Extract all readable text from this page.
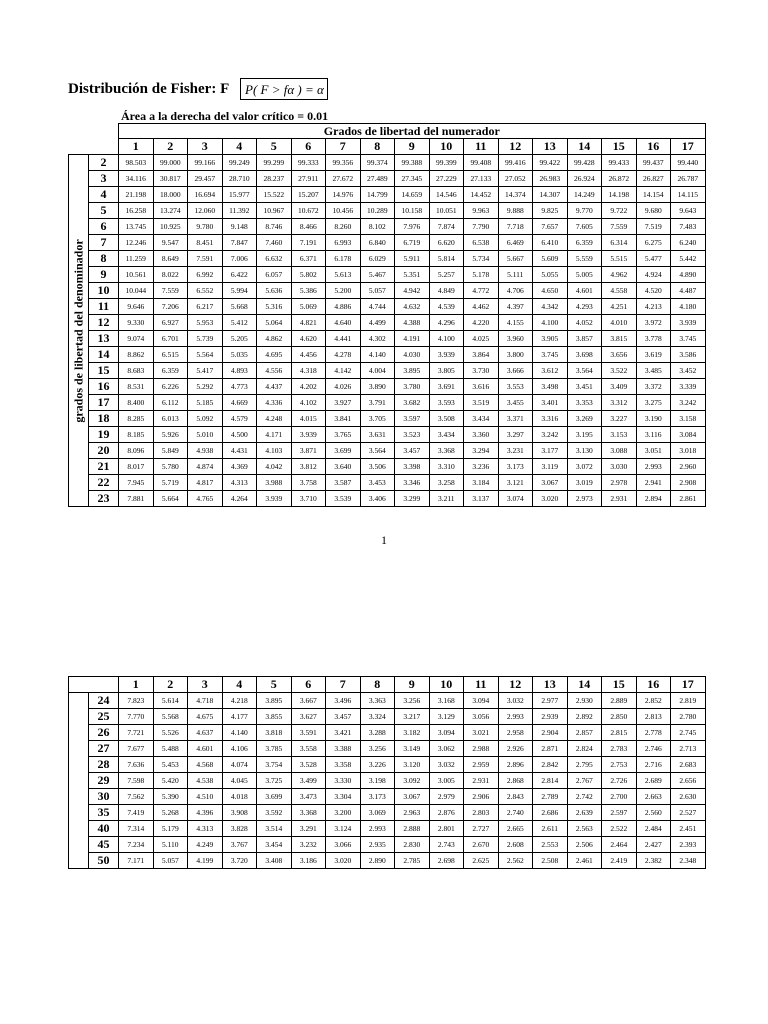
Distribución de Fisher: F	P( F > fα ) = α
Área a la derecha del valor crítico = 0.01
		Grados de libertad del numerador																
		1	2	3	4	5	6	7	8	9	10	11	12	13	14	15	16	17

grados de libertad del denominador	2	98.503	99.000	99.166	99.249	99.299	99.333	99.356	99.374	99.388	99.399	99.408	99.416	99.422	99.428	99.433	99.437	99.440
	3	34.116	30.817	29.457	28.710	28.237	27.911	27.672	27.489	27.345	27.229	27.133	27.052	26.983	26.924	26.872	26.827	26.787
	4	21.198	18.000	16.694	15.977	15.522	15.207	14.976	14.799	14.659	14.546	14.452	14.374	14.307	14.249	14.198	14.154	14.115
	5	16.258	13.274	12.060	11.392	10.967	10.672	10.456	10.289	10.158	10.051	9.963	9.888	9.825	9.770	9.722	9.680	9.643
	6	13.745	10.925	9.780	9.148	8.746	8.466	8.260	8.102	7.976	7.874	7.790	7.718	7.657	7.605	7.559	7.519	7.483
	7	12.246	9.547	8.451	7.847	7.460	7.191	6.993	6.840	6.719	6.620	6.538	6.469	6.410	6.359	6.314	6.275	6.240
	8	11.259	8.649	7.591	7.006	6.632	6.371	6.178	6.029	5.911	5.814	5.734	5.667	5.609	5.559	5.515	5.477	5.442
	9	10.561	8.022	6.992	6.422	6.057	5.802	5.613	5.467	5.351	5.257	5.178	5.111	5.055	5.005	4.962	4.924	4.890
	10	10.044	7.559	6.552	5.994	5.636	5.386	5.200	5.057	4.942	4.849	4.772	4.706	4.650	4.601	4.558	4.520	4.487
	11	9.646	7.206	6.217	5.668	5.316	5.069	4.886	4.744	4.632	4.539	4.462	4.397	4.342	4.293	4.251	4.213	4.180
	12	9.330	6.927	5.953	5.412	5.064	4.821	4.640	4.499	4.388	4.296	4.220	4.155	4.100	4.052	4.010	3.972	3.939
	13	9.074	6.701	5.739	5.205	4.862	4.620	4.441	4.302	4.191	4.100	4.025	3.960	3.905	3.857	3.815	3.778	3.745
	14	8.862	6.515	5.564	5.035	4.695	4.456	4.278	4.140	4.030	3.939	3.864	3.800	3.745	3.698	3.656	3.619	3.586
	15	8.683	6.359	5.417	4.893	4.556	4.318	4.142	4.004	3.895	3.805	3.730	3.666	3.612	3.564	3.522	3.485	3.452
	16	8.531	6.226	5.292	4.773	4.437	4.202	4.026	3.890	3.780	3.691	3.616	3.553	3.498	3.451	3.409	3.372	3.339
	17	8.400	6.112	5.185	4.669	4.336	4.102	3.927	3.791	3.682	3.593	3.519	3.455	3.401	3.353	3.312	3.275	3.242
	18	8.285	6.013	5.092	4.579	4.248	4.015	3.841	3.705	3.597	3.508	3.434	3.371	3.316	3.269	3.227	3.190	3.158
	19	8.185	5.926	5.010	4.500	4.171	3.939	3.765	3.631	3.523	3.434	3.360	3.297	3.242	3.195	3.153	3.116	3.084
	20	8.096	5.849	4.938	4.431	4.103	3.871	3.699	3.564	3.457	3.368	3.294	3.231	3.177	3.130	3.088	3.051	3.018
	21	8.017	5.780	4.874	4.369	4.042	3.812	3.640	3.506	3.398	3.310	3.236	3.173	3.119	3.072	3.030	2.993	2.960
	22	7.945	5.719	4.817	4.313	3.988	3.758	3.587	3.453	3.346	3.258	3.184	3.121	3.067	3.019	2.978	2.941	2.908
	23	7.881	5.664	4.765	4.264	3.939	3.710	3.539	3.406	3.299	3.211	3.137	3.074	3.020	2.973	2.931	2.894	2.861
1
		1	2	3	4	5	6	7	8	9	10	11	12	13	14	15	16	17
	24	7.823	5.614	4.718	4.218	3.895	3.667	3.496	3.363	3.256	3.168	3.094	3.032	2.977	2.930	2.889	2.852	2.819
	25	7.770	5.568	4.675	4.177	3.855	3.627	3.457	3.324	3.217	3.129	3.056	2.993	2.939	2.892	2.850	2.813	2.780
	26	7.721	5.526	4.637	4.140	3.818	3.591	3.421	3.288	3.182	3.094	3.021	2.958	2.904	2.857	2.815	2.778	2.745
	27	7.677	5.488	4.601	4.106	3.785	3.558	3.388	3.256	3.149	3.062	2.988	2.926	2.871	2.824	2.783	2.746	2.713
	28	7.636	5.453	4.568	4.074	3.754	3.528	3.358	3.226	3.120	3.032	2.959	2.896	2.842	2.795	2.753	2.716	2.683
	29	7.598	5.420	4.538	4.045	3.725	3.499	3.330	3.198	3.092	3.005	2.931	2.868	2.814	2.767	2.726	2.689	2.656
	30	7.562	5.390	4.510	4.018	3.699	3.473	3.304	3.173	3.067	2.979	2.906	2.843	2.789	2.742	2.700	2.663	2.630
	35	7.419	5.268	4.396	3.908	3.592	3.368	3.200	3.069	2.963	2.876	2.803	2.740	2.686	2.639	2.597	2.560	2.527
	40	7.314	5.179	4.313	3.828	3.514	3.291	3.124	2.993	2.888	2.801	2.727	2.665	2.611	2.563	2.522	2.484	2.451
	45	7.234	5.110	4.249	3.767	3.454	3.232	3.066	2.935	2.830	2.743	2.670	2.608	2.553	2.506	2.464	2.427	2.393
	50	7.171	5.057	4.199	3.720	3.408	3.186	3.020	2.890	2.785	2.698	2.625	2.562	2.508	2.461	2.419	2.382	2.348
